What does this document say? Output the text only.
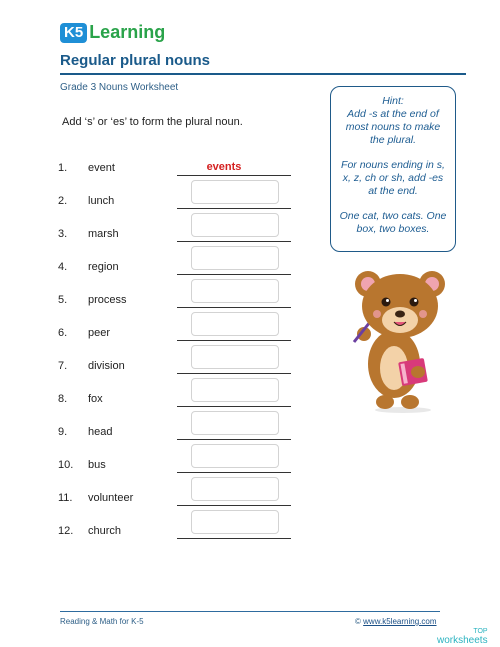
K5 Learning
Regular plural nouns
Grade 3 Nouns Worksheet
Add ‘s’ or ‘es’ to form the plural noun.

Hint:
Add -s at the end of most nouns to make the plural.

For nouns ending in s, x, z, ch or sh, add -es at the end.

One cat, two cats. One box, two boxes.

1.	event	events
2.	lunch
3.	marsh
4.	region
5.	process
6.	peer
7.	division
8.	fox
9.	head
10.	bus
11.	volunteer
12.	church
Reading & Math for K-5	© www.k5learning.com
TOP
worksheets
